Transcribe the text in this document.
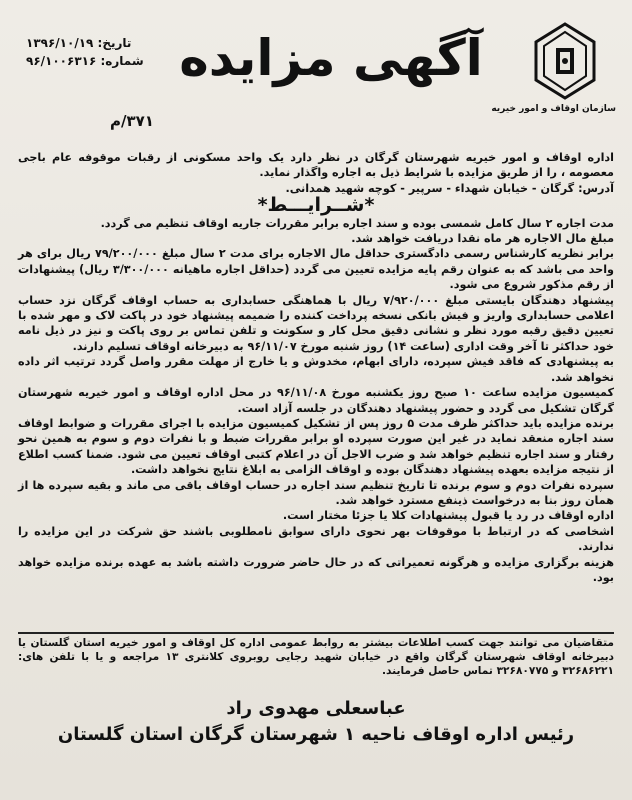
سازمان اوقاف و امور خیریه
آگهی مزایده
تاریخ: ۱۳۹۶/۱۰/۱۹
شماره: ۹۶/۱۰۰۶۳۱۶
۳۷۱/م

اداره اوقاف و امور خیریه شهرستان گرگان در نظر دارد یک واحد مسکونی از رقبات موقوفه عام باجی معصومه ، را از طریق مزایده با شرایط ذیل به اجاره واگذار نماید.

آدرس: گرگان - خیابان شهداء - سرپیر - کوچه شهید همدانی.

*شــرایـــط*

مدت اجاره ۲ سال کامل شمسی بوده و سند اجاره برابر مقررات جاریه اوقاف تنظیم می گردد.

مبلغ مال الاجاره هر ماه نقدا دریافت خواهد شد.

برابر نظریه کارشناس رسمی دادگستری حداقل مال الاجاره برای مدت ۲ سال مبلغ ۷۹/۲۰۰/۰۰۰ ریال برای هر واحد می باشد که به عنوان رقم پایه مزایده تعیین می گردد (حداقل اجاره ماهیانه ۳/۳۰۰/۰۰۰ ریال) پیشنهادات از رقم مذکور شروع می شود.

پیشنهاد دهندگان بایستی مبلغ ۷/۹۲۰/۰۰۰ ریال با هماهنگی حسابداری به حساب اوقاف گرگان نزد حساب اعلامی حسابداری واریز و فیش بانکی نسخه پرداخت کننده را ضمیمه پیشنهاد خود در پاکت لاک و مهر شده با تعیین دقیق رقبه مورد نظر و نشانی دقیق محل کار و سکونت و تلفن تماس بر روی پاکت و نیز در ذیل نامه خود حداکثر تا آخر وقت اداری (ساعت ۱۴) روز شنبه مورخ ۹۶/۱۱/۰۷ به دبیرخانه اوقاف تسلیم دارند.

به پیشنهادی که فاقد فیش سپرده، دارای ابهام، مخدوش و یا خارج از مهلت مقرر واصل گردد ترتیب اثر داده نخواهد شد.

کمیسیون مزایده ساعت ۱۰ صبح روز یکشنبه مورخ ۹۶/۱۱/۰۸ در محل اداره اوقاف و امور خیریه شهرستان گرگان تشکیل می گردد و حضور پیشنهاد دهندگان در جلسه آزاد است.

برنده مزایده باید حداکثر ظرف مدت ۵ روز پس از تشکیل کمیسیون مزایده با اجرای مقررات و ضوابط اوقاف سند اجاره منعقد نماید در غیر این صورت سپرده او برابر مقررات ضبط و با نفرات دوم و سوم به همین نحو رفتار و سند اجاره تنظیم خواهد شد و ضرب الاجل آن در اعلام کتبی اوقاف تعیین می شود. ضمنا کسب اطلاع از نتیجه مزایده بعهده پیشنهاد دهندگان بوده و اوقاف الزامی به ابلاغ نتایج نخواهد داشت.

سپرده نفرات دوم و سوم برنده تا تاریخ تنظیم سند اجاره در حساب اوقاف باقی می ماند و بقیه سپرده ها از همان روز بنا به درخواست ذینفع مسترد خواهد شد.

اداره اوقاف در رد یا قبول پیشنهادات کلا یا جزئا مختار است.

اشخاصی که در ارتباط با موقوفات بهر نحوی دارای سوابق نامطلوبی باشند حق شرکت در این مزایده را ندارند.

هزینه برگزاری مزایده و هرگونه تعمیراتی که در حال حاضر ضرورت داشته باشد به عهده برنده مزایده خواهد بود.

متقاضیان می توانند جهت کسب اطلاعات بیشتر به روابط عمومی اداره کل اوقاف و امور خیریه استان گلستان یا دبیرخانه اوقاف شهرستان گرگان واقع در خیابان شهید رجایی روبروی کلانتری ۱۳ مراجعه و یا با تلفن های: ۳۲۶۸۶۲۲۱ و ۳۲۶۸۰۷۷۵ تماس حاصل فرمایند.
عباسعلی مهدوی راد
رئیس اداره اوقاف ناحیه ۱ شهرستان گرگان استان گلستان
